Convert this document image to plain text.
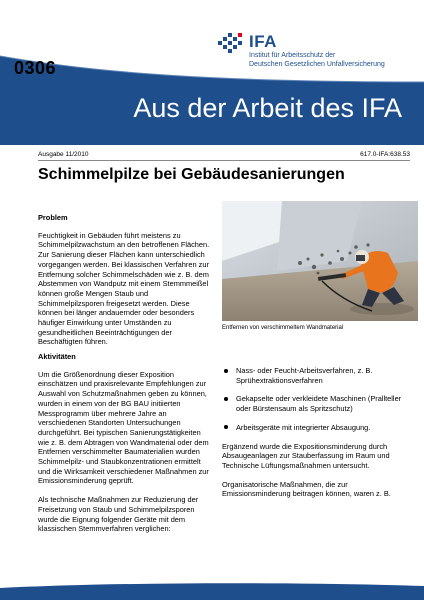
0306
IFA
Institut für Arbeitsschutz der
Deutschen Gesetzlichen Unfallversicherung
Aus der Arbeit des IFA
Ausgabe 11/2010	617.0-IFA:638.53
Schimmelpilze bei Gebäudesanierungen

Problem

Feuchtigkeit in Gebäuden führt meistens zu Schimmelpilzwachstum an den betroffenen Flächen. Zur Sanierung dieser Flächen kann unterschiedlich vorgegangen werden. Bei klassischen Verfahren zur Entfernung solcher Schimmelschäden wie z. B. dem Abstemmen von Wandputz mit einem Stemmmeißel können große Mengen Staub und Schimmelpilzsporen freigesetzt werden. Diese können bei länger andauernder oder besonders häufiger Einwirkung unter Umständen zu gesundheitlichen Beeinträchtigungen der Beschäftigten führen.

Aktivitäten

Um die Größenordnung dieser Exposition einschätzen und praxisrelevante Empfehlungen zur Auswahl von Schutzmaßnahmen geben zu können, wurden in einem von der BG BAU initiierten Messprogramm über mehrere Jahre an verschiedenen Standorten Untersuchungen durchgeführt. Bei typischen Sanierungstätigkeiten wie z. B. dem Abtragen von Wandmaterial oder dem Entfernen verschimmelter Baumaterialien wurden Schimmelpilz- und Staubkonzentrationen ermittelt und die Wirksamkeit verschiedener Maßnahmen zur Emissionsminderung geprüft.

Als technische Maßnahmen zur Reduzierung der Freisetzung von Staub und Schimmelpilzsporen wurde die Eignung folgender Geräte mit dem klassischen Stemmverfahren verglichen:

Entfernen von verschimmeltem Wandmaterial
Nass- oder Feucht-Arbeitsverfahren, z. B. Sprühextraktionsverfahren
Gekapselte oder verkleidete Maschinen (Prallteller oder Bürstensaum als Spritzschutz)
Arbeitsgeräte mit integrierter Absaugung.

Ergänzend wurde die Expositionsminderung durch Absaugeanlagen zur Stauberfassung im Raum und Technische Lüftungsmaßnahmen untersucht.

Organisatorische Maßnahmen, die zur Emissionsminderung beitragen können, waren z. B.
